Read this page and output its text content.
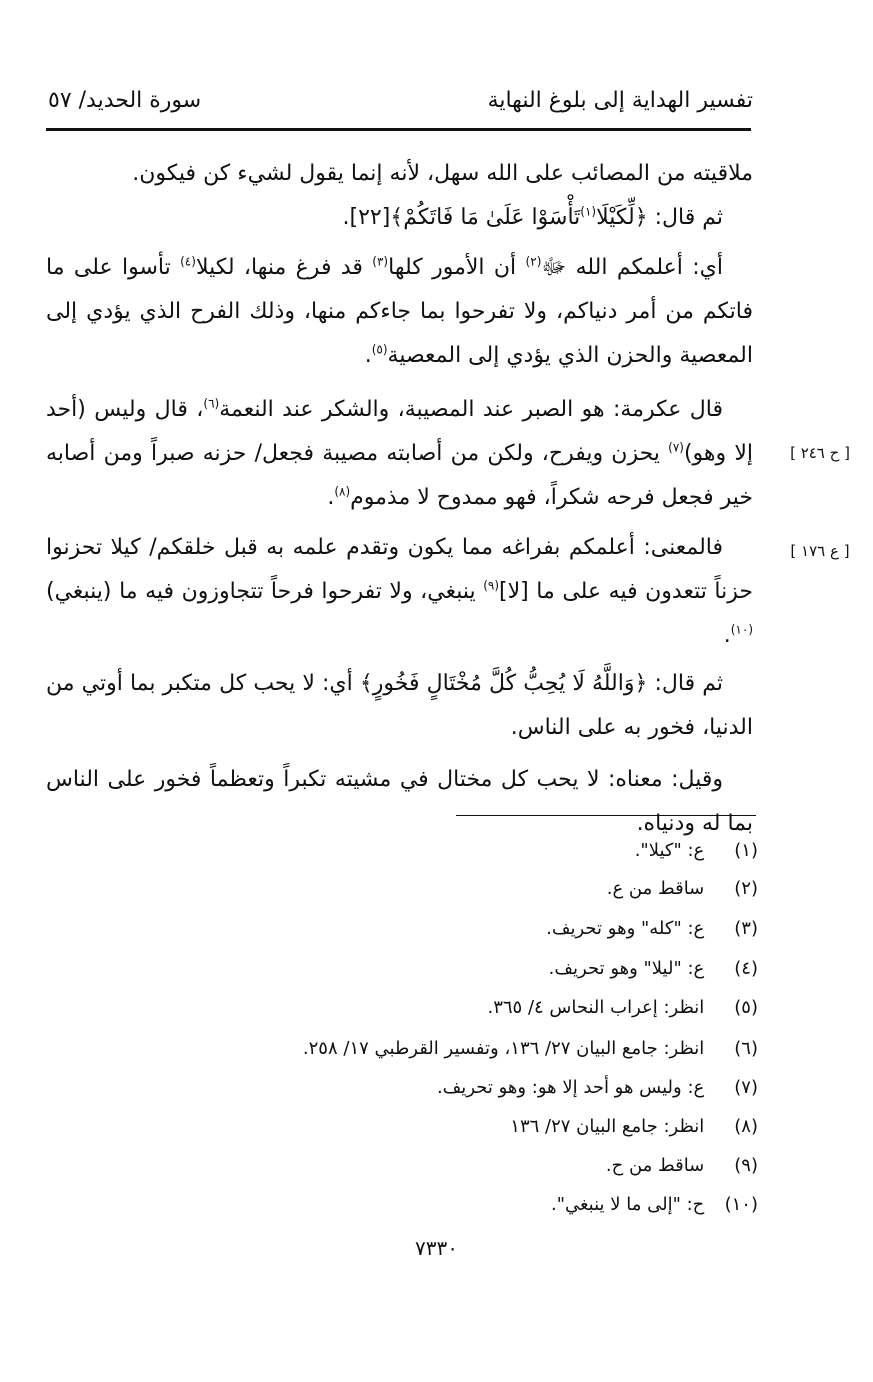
تفسير الهداية إلى بلوغ النهاية
سورة الحديد/ ٥٧
ملاقيته من المصائب على الله سهل، لأنه إنما يقول لشيء كن فيكون.
ثم قال: ﴿لِّكَيْلَا$^{(١)}$تَأْسَوْا عَلَىٰ مَا فَاتَكُمْ﴾[٢٢].
أي: أعلمكم الله ﷻ$^{(٢)}$ أن الأمور كلها$^{(٣)}$ قد فرغ منها، لكيلا$^{(٤)}$ تأسوا على ما فاتكم من أمر دنياكم، ولا تفرحوا بما جاءكم منها، وذلك الفرح الذي يؤدي إلى المعصية والحزن الذي يؤدي إلى المعصية$^{(٥)}$.
قال عكرمة: هو الصبر عند المصيبة، والشكر عند النعمة$^{(٦)}$، قال وليس (أحد إلا وهو)$^{(٧)}$ يحزن ويفرح، ولكن من أصابته مصيبة فجعل/ حزنه صبراً ومن أصابه خير فجعل فرحه شكراً، فهو ممدوح لا مذموم$^{(٨)}$.
[ ح ٢٤٦ ]
فالمعنى: أعلمكم بفراغه مما يكون وتقدم علمه به قبل خلقكم/ كيلا تحزنوا حزناً تتعدون فيه على ما [لا]$^{(٩)}$ ينبغي، ولا تفرحوا فرحاً تتجاوزون فيه ما (ينبغي)$^{(١٠)}$.
[ ع ١٧٦ ]
ثم قال: ﴿وَاللَّهُ لَا يُحِبُّ كُلَّ مُخْتَالٍ فَخُورٍ﴾ أي: لا يحب كل متكبر بما أوتي من الدنيا، فخور به على الناس.
وقيل: معناه: لا يحب كل مختال في مشيته تكبراً وتعظماً فخور على الناس بما له ودنياه.
(١) ع: "كيلا".
(٢) ساقط من ع.
(٣) ع: "كله" وهو تحريف.
(٤) ع: "ليلا" وهو تحريف.
(٥) انظر: إعراب النحاس ٤/ ٣٦٥.
(٦) انظر: جامع البيان ٢٧/ ١٣٦، وتفسير القرطبي ١٧/ ٢٥٨.
(٧) ع: وليس هو أحد إلا هو: وهو تحريف.
(٨) انظر: جامع البيان ٢٧/ ١٣٦
(٩) ساقط من ح.
(١٠) ح: "إلى ما لا ينبغي".
٧٣٣٠
